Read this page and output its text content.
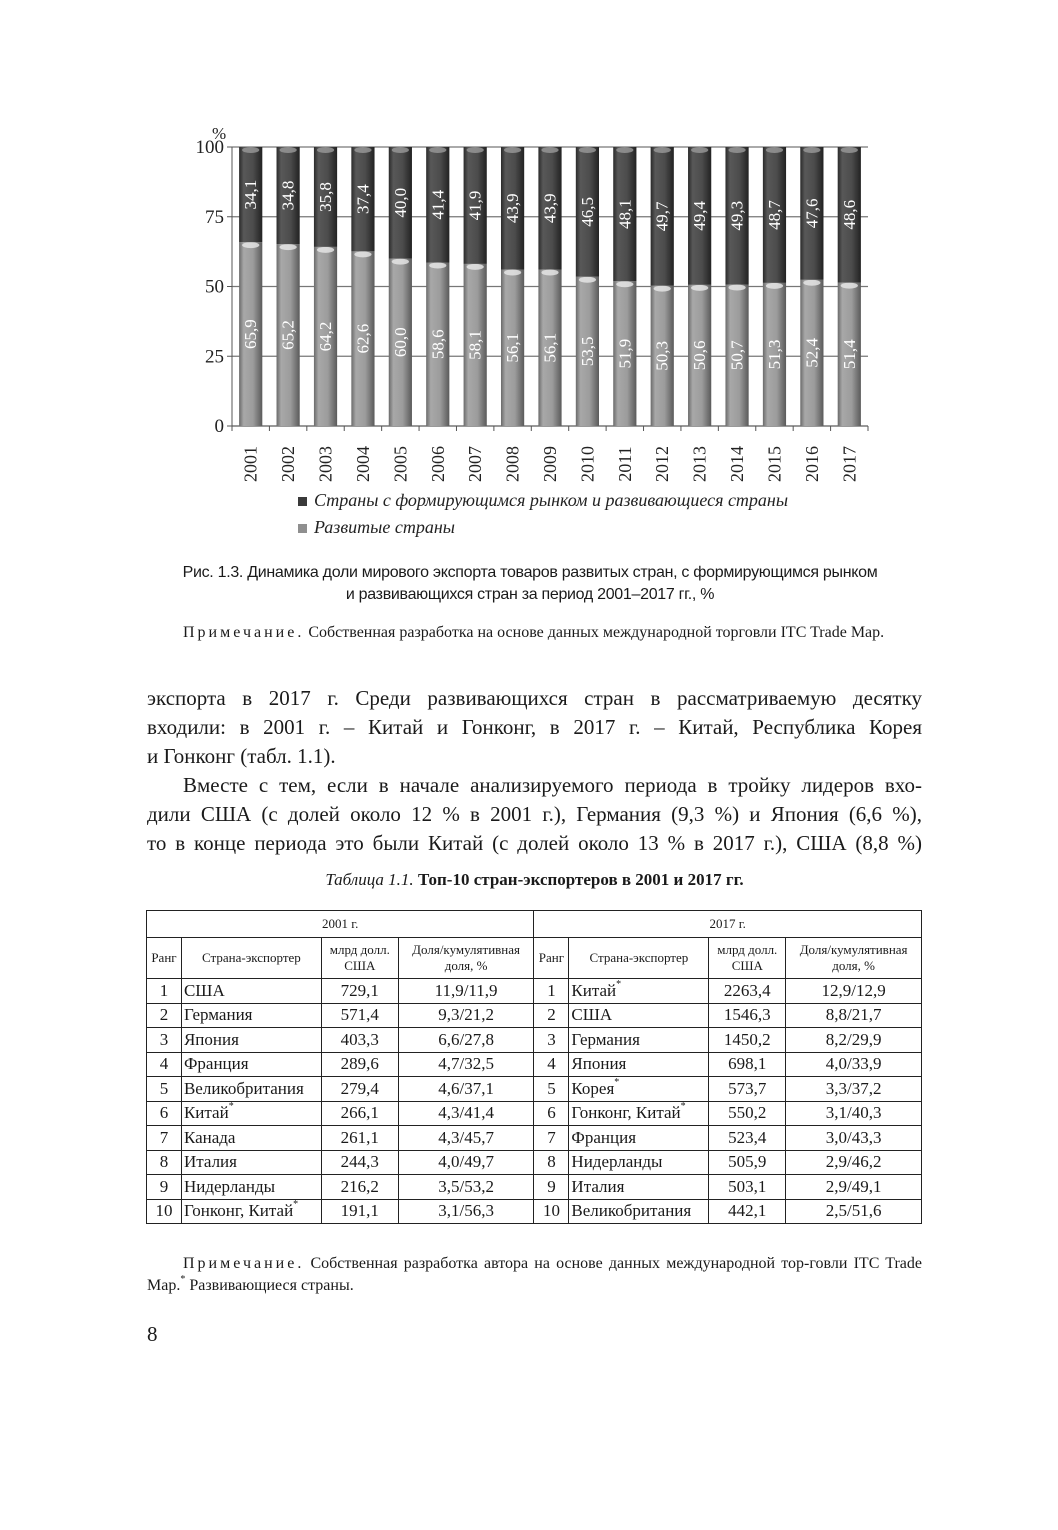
0
25
50
75
100
%
65,9
34,1
2001
65,2
34,8
2002
64,2
35,8
2003
62,6
37,4
2004
60,0
40,0
2005
58,6
41,4
2006
58,1
41,9
2007
56,1
43,9
2008
56,1
43,9
2009
53,5
46,5
2010
51,9
48,1
2011
50,3
49,7
2012
50,6
49,4
2013
50,7
49,3
2014
51,3
48,7
2015
52,4
47,6
2016
51,4
48,6
2017
Страны с формирующимся рынком и развивающиеся страны
Развитые страны
Рис. 1.3. Динамика доли мирового экспорта товаров развитых стран, с формирующимся рынком
и развивающихся стран за период 2001–2017 гг., %
Примечание. Собственная разработка на основе данных международной торговли ITC Trade Map.

экспорта в 2017 г. Среди развивающихся стран в рассматриваемую десятку

входили: в 2001 г. – Китай и Гонконг, в 2017 г. – Китай, Республика Корея

и Гонконг (табл. 1.1).

Вместе с тем, если в начале анализируемого периода в тройку лидеров вхо-

дили США (с долей около 12 % в 2001 г.), Германия (9,3 %) и Япония (6,6 %),

то в конце периода это были Китай (с долей около 13 % в 2017 г.), США (8,8 %)

Таблица 1.1. Топ-10 стран-экспортеров в 2001 и 2017 гг.
2001 г.				2017 г.			
Ранг	Страна-экспортер	млрд долл. США	Доля/кумулятивная доля, %	Ранг	Страна-экспортер	млрд долл. США	Доля/кумулятивная доля, %
1	США	729,1	11,9/11,9	1	Китай*	2263,4	12,9/12,9
2	Германия	571,4	9,3/21,2	2	США	1546,3	8,8/21,7
3	Япония	403,3	6,6/27,8	3	Германия	1450,2	8,2/29,9
4	Франция	289,6	4,7/32,5	4	Япония	698,1	4,0/33,9
5	Великобритания	279,4	4,6/37,1	5	Корея*	573,7	3,3/37,2
6	Китай*	266,1	4,3/41,4	6	Гонконг, Китай*	550,2	3,1/40,3
7	Канада	261,1	4,3/45,7	7	Франция	523,4	3,0/43,3
8	Италия	244,3	4,0/49,7	8	Нидерланды	505,9	2,9/46,2
9	Нидерланды	216,2	3,5/53,2	9	Италия	503,1	2,9/49,1
10	Гонконг, Китай*	191,1	3,1/56,3	10	Великобритания	442,1	2,5/51,6
Примечание. Собственная разработка автора на основе данных международной тор-говли ITC Trade Map.* Развивающиеся страны.
8
